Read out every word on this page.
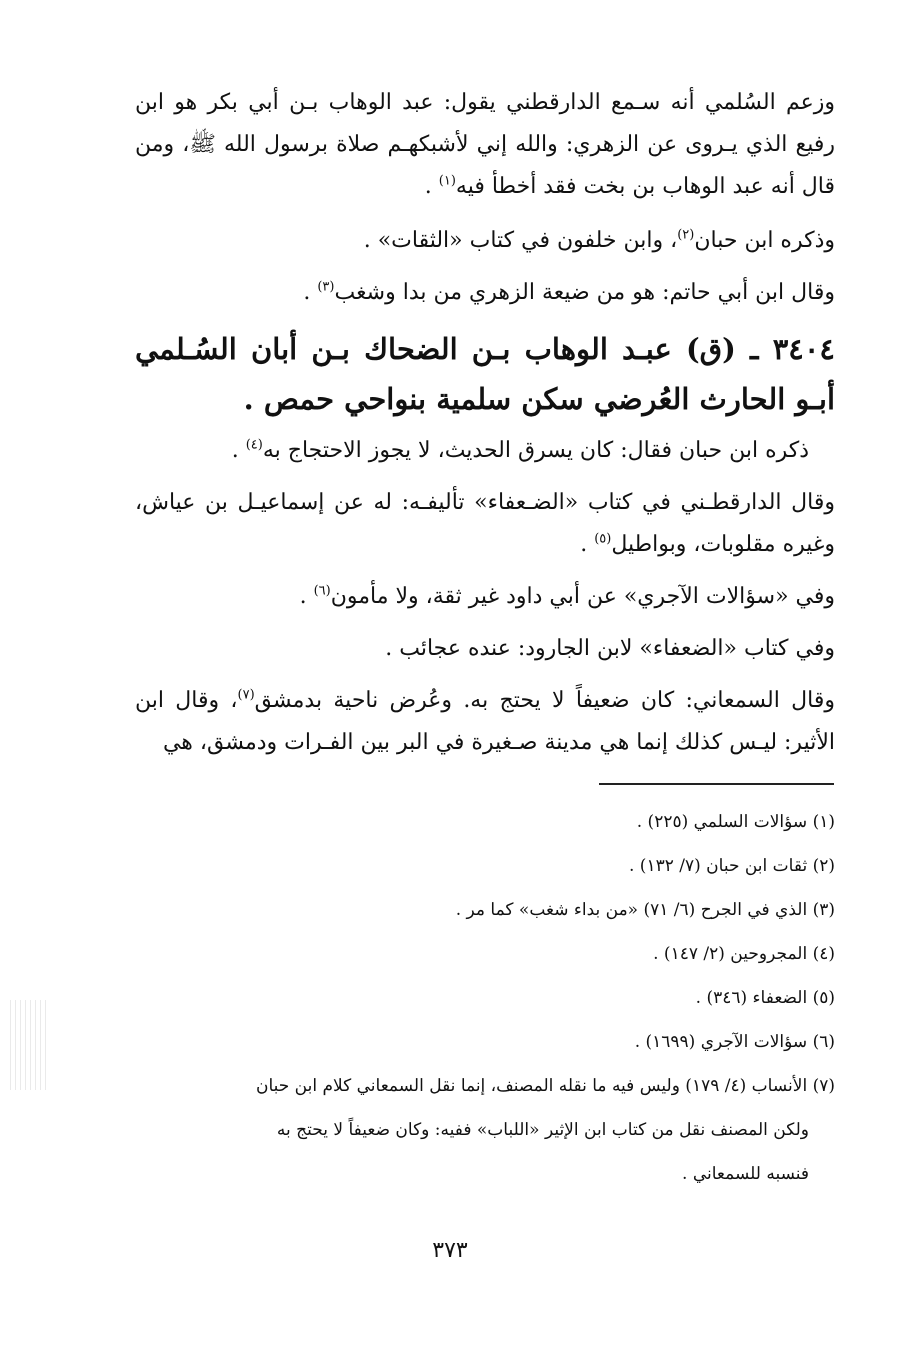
وزعم السُلمي أنه سـمع الدارقطني يقول: عبد الوهاب بـن أبي بكر هو ابن رفيع الذي يـروى عن الزهري: والله إني لأشبكهـم صلاة برسول الله ﷺ، ومن قال أنه عبد الوهاب بن بخت فقد أخطأ فيه$^{(١)}$ .

وذكره ابن حبان$^{(٢)}$، وابن خلفون في كتاب «الثقات» .

وقال ابن أبي حاتم: هو من ضيعة الزهري من بدا وشغب$^{(٣)}$ .

٣٤٠٤ ـ (ق) عبـد الوهاب بـن الضحاك بـن أبان السُـلمي أبـو الحارث العُرضي سكن سلمية بنواحي حمص .

ذكره ابن حبان فقال: كان يسرق الحديث، لا يجوز الاحتجاج به$^{(٤)}$ .

وقال الدارقطـني في كتاب «الضـعفاء» تأليفـه: له عن إسماعيـل بن عياش، وغيره مقلوبات، وبواطيل$^{(٥)}$ .

وفي «سؤالات الآجري» عن أبي داود غير ثقة، ولا مأمون$^{(٦)}$ .

وفي كتاب «الضعفاء» لابن الجارود: عنده عجائب .

وقال السمعاني: كان ضعيفاً لا يحتج به. وعُرض ناحية بدمشق$^{(٧)}$، وقال ابن الأثير: ليـس كذلك إنما هي مدينة صـغيرة في البر بين الفـرات ودمشق، هي

(١) سؤالات السلمي (٢٢٥) .

(٢) ثقات ابن حبان (٧/ ١٣٢) .

(٣) الذي في الجرح (٦/ ٧١) «من بداء شغب» كما مر .

(٤) المجروحين (٢/ ١٤٧) .

(٥) الضعفاء (٣٤٦) .

(٦) سؤالات الآجري (١٦٩٩) .

(٧) الأنساب (٤/ ١٧٩) وليس فيه ما نقله المصنف، إنما نقل السمعاني كلام ابن حبان
ولكن المصنف نقل من كتاب ابن الإثير «اللباب» ففيه: وكان ضعيفاً لا يحتج به
فنسبه للسمعاني .

٣٧٣
